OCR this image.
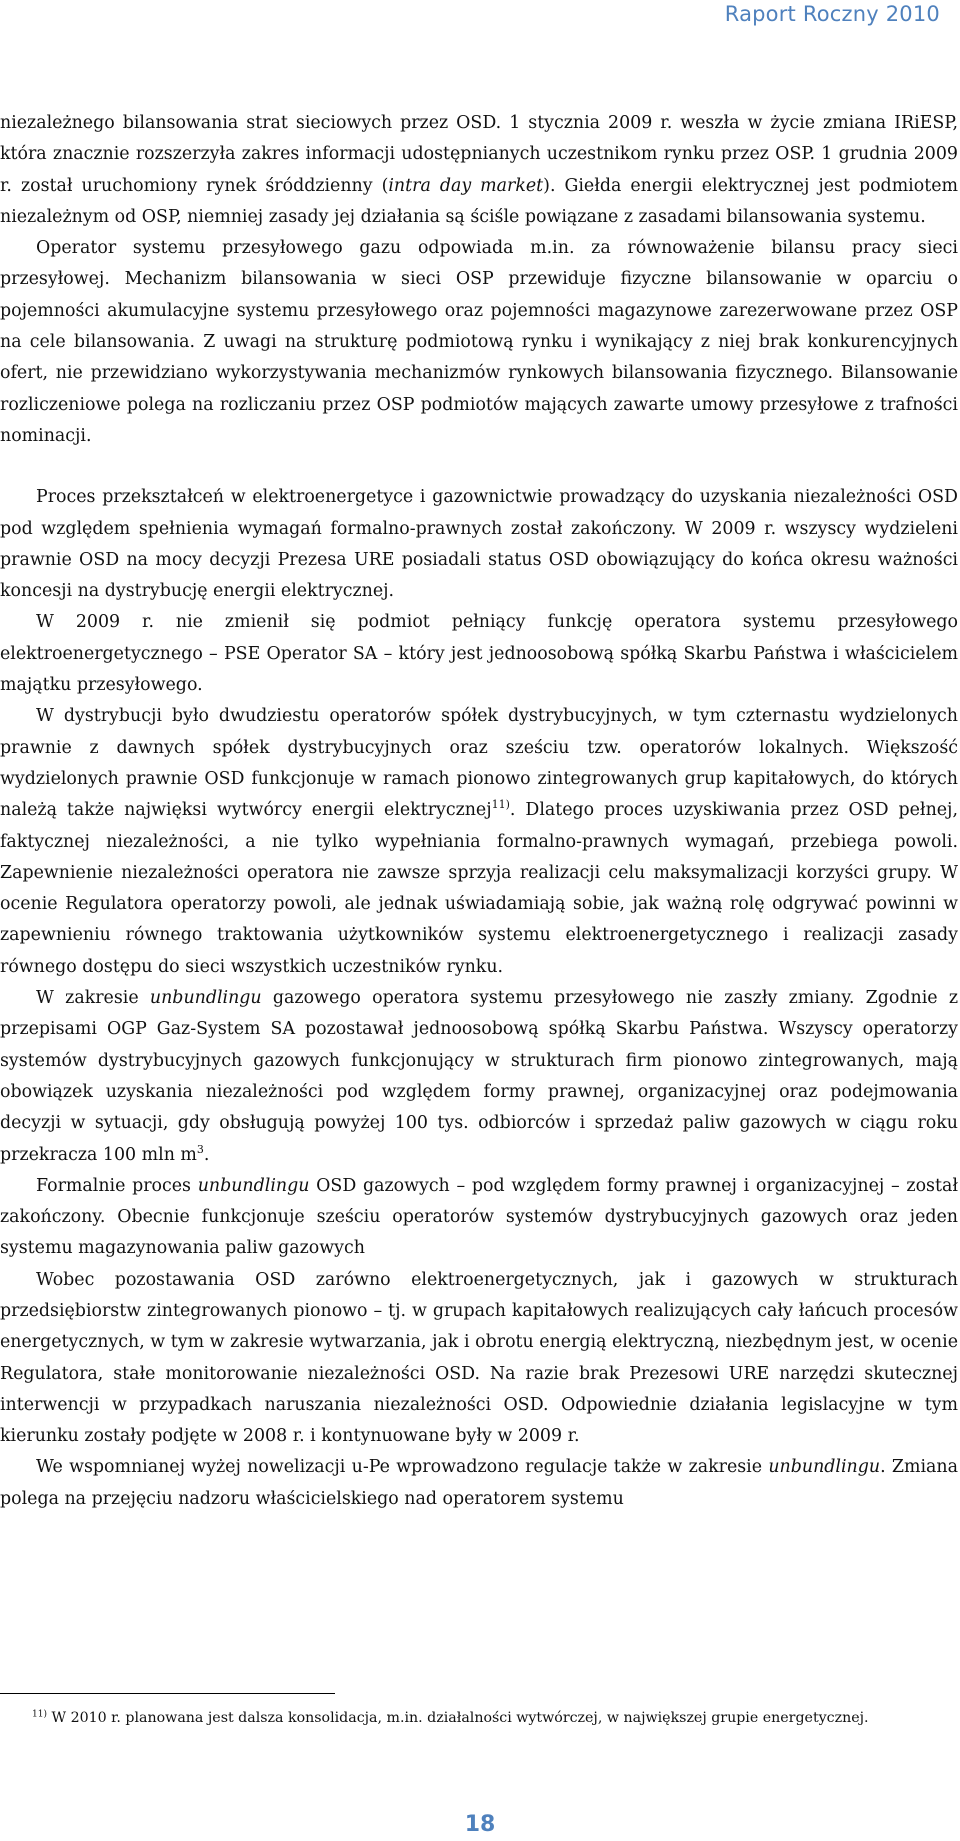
Raport Roczny 2010

niezależnego bilansowania strat sieciowych przez OSD. 1 stycznia 2009 r. weszła w życie zmiana IRiESP, która znacznie rozszerzyła zakres informacji udostępnianych uczestnikom rynku przez OSP. 1 grudnia 2009 r. został uruchomiony rynek śróddzienny (intra day market). Giełda energii elektrycznej jest podmiotem niezależnym od OSP, niemniej zasady jej działania są ściśle powiązane z zasadami bilansowania systemu.

Operator systemu przesyłowego gazu odpowiada m.in. za równoważenie bilansu pracy sieci przesyłowej. Mechanizm bilansowania w sieci OSP przewiduje fizyczne bilansowanie w oparciu o pojemności akumulacyjne systemu przesyłowego oraz pojemności magazynowe zarezerwowane przez OSP na cele bilansowania. Z uwagi na strukturę podmiotową rynku i wynikający z niej brak konkurencyjnych ofert, nie przewidziano wykorzystywania mechanizmów rynkowych bilansowania fizycznego. Bilansowanie rozliczeniowe polega na rozliczaniu przez OSP podmiotów mających zawarte umowy przesyłowe z trafności nominacji.

Proces przekształceń w elektroenergetyce i gazownictwie prowadzący do uzyskania niezależności OSD pod względem spełnienia wymagań formalno-prawnych został zakończony. W 2009 r. wszyscy wydzieleni prawnie OSD na mocy decyzji Prezesa URE posiadali status OSD obowiązujący do końca okresu ważności koncesji na dystrybucję energii elektrycznej.

W 2009 r. nie zmienił się podmiot pełniący funkcję operatora systemu przesyłowego elektroenergetycznego – PSE Operator SA – który jest jednoosobową spółką Skarbu Państwa i właścicielem majątku przesyłowego.

W dystrybucji było dwudziestu operatorów spółek dystrybucyjnych, w tym czternastu wydzielonych prawnie z dawnych spółek dystrybucyjnych oraz sześciu tzw. operatorów lokalnych. Większość wydzielonych prawnie OSD funkcjonuje w ramach pionowo zintegrowanych grup kapitałowych, do których należą także najwięksi wytwórcy energii elektrycznej$^{11)}$. Dlatego proces uzyskiwania przez OSD pełnej, faktycznej niezależności, a nie tylko wypełniania formalno-prawnych wymagań, przebiega powoli. Zapewnienie niezależności operatora nie zawsze sprzyja realizacji celu maksymalizacji korzyści grupy. W ocenie Regulatora operatorzy powoli, ale jednak uświadamiają sobie, jak ważną rolę odgrywać powinni w zapewnieniu równego traktowania użytkowników systemu elektroenergetycznego i realizacji zasady równego dostępu do sieci wszystkich uczestników rynku.

W zakresie unbundlingu gazowego operatora systemu przesyłowego nie zaszły zmiany. Zgodnie z przepisami OGP Gaz-System SA pozostawał jednoosobową spółką Skarbu Państwa. Wszyscy operatorzy systemów dystrybucyjnych gazowych funkcjonujący w strukturach firm pionowo zintegrowanych, mają obowiązek uzyskania niezależności pod względem formy prawnej, organizacyjnej oraz podejmowania decyzji w sytuacji, gdy obsługują powyżej 100 tys. odbiorców i sprzedaż paliw gazowych w ciągu roku przekracza 100 mln $m^3$.

Formalnie proces unbundlingu OSD gazowych – pod względem formy prawnej i organizacyjnej – został zakończony. Obecnie funkcjonuje sześciu operatorów systemów dystrybucyjnych gazowych oraz jeden systemu magazynowania paliw gazowych

Wobec pozostawania OSD zarówno elektroenergetycznych, jak i gazowych w strukturach przedsiębiorstw zintegrowanych pionowo – tj. w grupach kapitałowych realizujących cały łańcuch procesów energetycznych, w tym w zakresie wytwarzania, jak i obrotu energią elektryczną, niezbędnym jest, w ocenie Regulatora, stałe monitorowanie niezależności OSD. Na razie brak Prezesowi URE narzędzi skutecznej interwencji w przypadkach naruszania niezależności OSD. Odpowiednie działania legislacyjne w tym kierunku zostały podjęte w 2008 r. i kontynuowane były w 2009 r.

We wspomnianej wyżej nowelizacji u-Pe wprowadzono regulacje także w zakresie unbundlingu. Zmiana polega na przejęciu nadzoru właścicielskiego nad operatorem systemu

$^{11)}$ W 2010 r. planowana jest dalsza konsolidacja, m.in. działalności wytwórczej, w największej grupie energetycznej.
18
